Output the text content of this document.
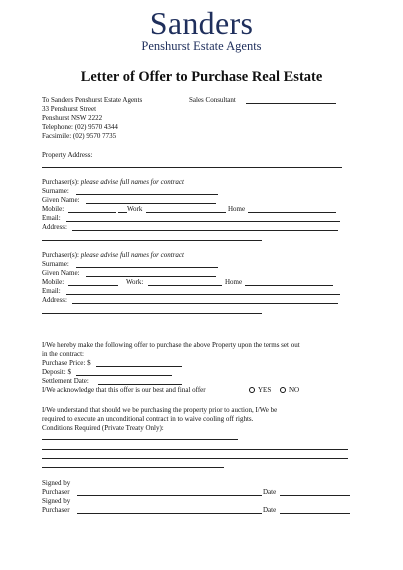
Sanders
Penshurst Estate Agents
Letter of Offer to Purchase Real Estate
To Sanders Penshurst Estate Agents
33 Penshurst Street
Penshurst NSW 2222
Telephone: (02) 9570 4344
Facsimile: (02) 9570 7735
Sales Consultant
Property Address:
Purchaser(s): please advise full names for contract
Surname:
Given Name:
Mobile:	Work	Home
Email:
Address:
Purchaser(s): please advise full names for contract
Surname:
Given Name:
Mobile:	Work:	Home
Email:
Address:
I/We hereby make the following offer to purchase the above Property upon the terms set out
in the contract:
Purchase Price: $
Deposit: $
Settlement Date:
I/We acknowledge that this offer is our best and final offer	YES	NO
I/We understand that should we be purchasing the property prior to auction, I/We be
required to execute an unconditional contract in to waive cooling off rights.
Conditions Required (Private Treaty Only):
Signed by
Purchaser	Date
Signed by
Purchaser	Date
